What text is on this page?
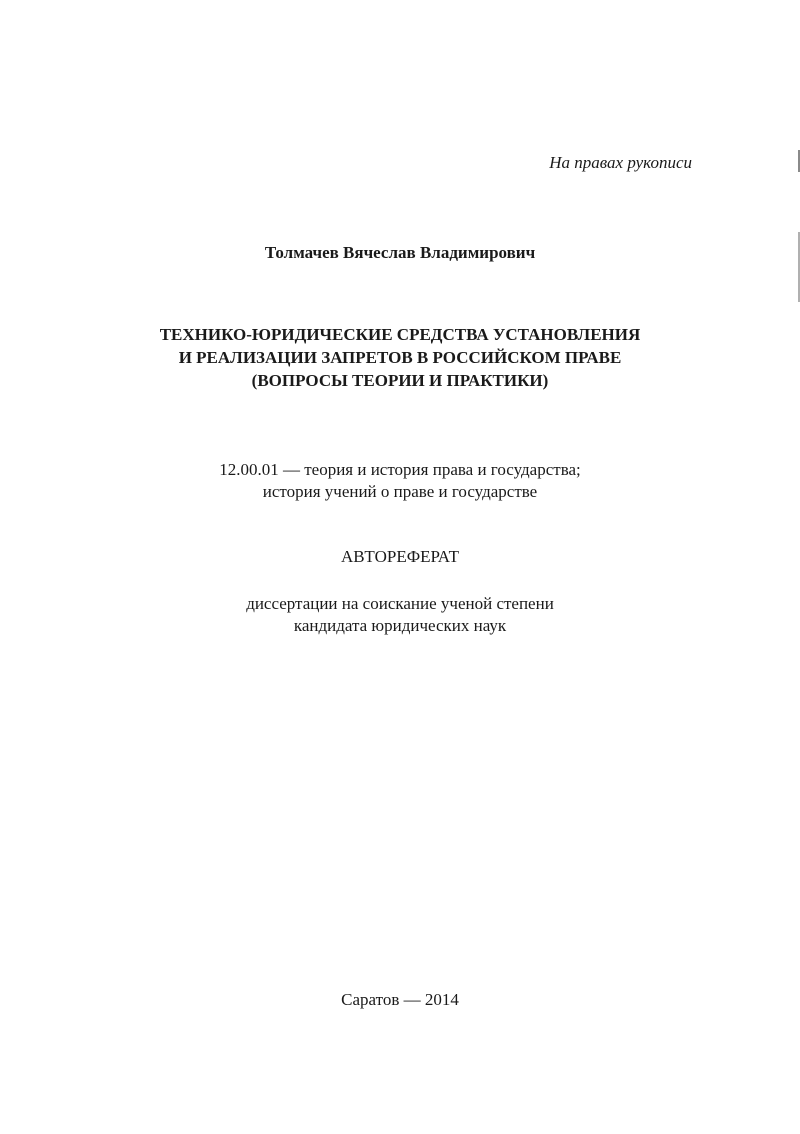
На правах рукописи
Толмачев Вячеслав Владимирович
ТЕХНИКО-ЮРИДИЧЕСКИЕ СРЕДСТВА УСТАНОВЛЕНИЯ
И РЕАЛИЗАЦИИ ЗАПРЕТОВ В РОССИЙСКОМ ПРАВЕ
(ВОПРОСЫ ТЕОРИИ И ПРАКТИКИ)
12.00.01 — теория и история права и государства;
история учений о праве и государстве
АВТОРЕФЕРАТ
диссертации на соискание ученой степени
кандидата юридических наук
Саратов — 2014
